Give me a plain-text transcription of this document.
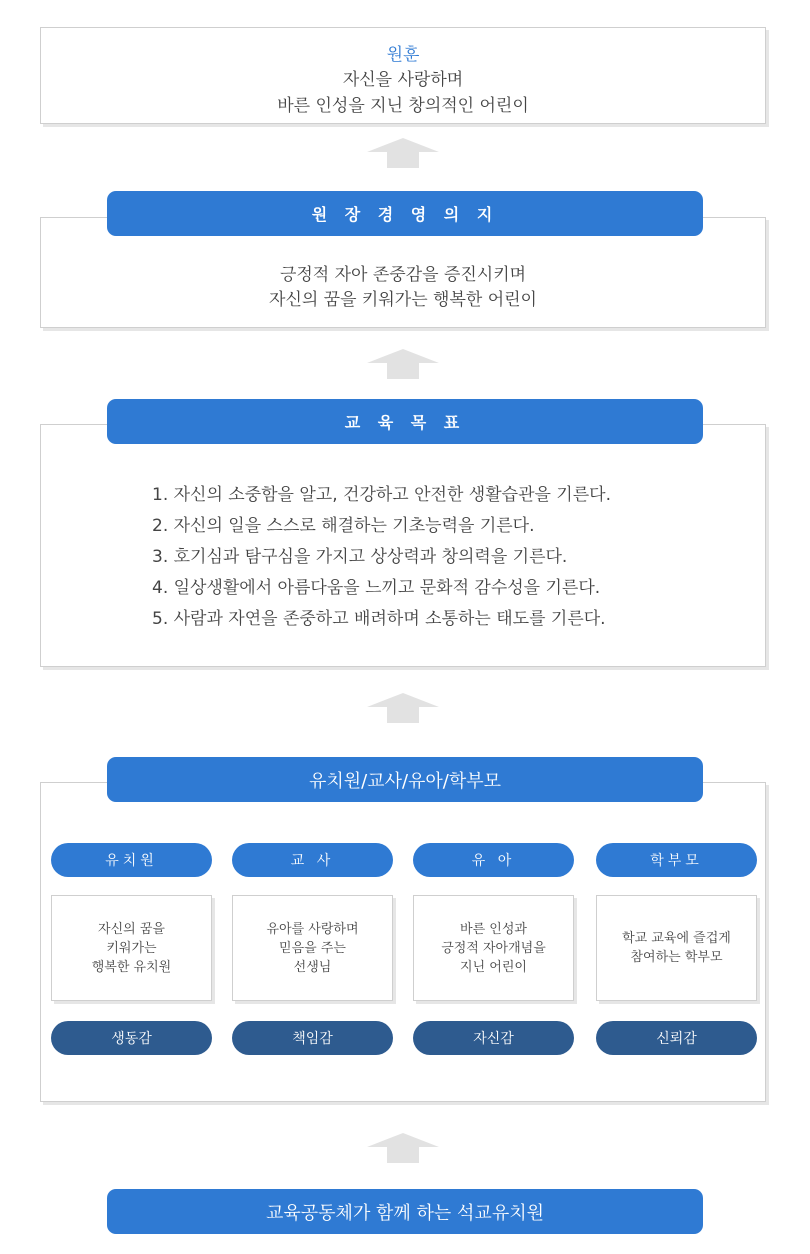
원훈
자신을 사랑하며
바른 인성을 지닌 창의적인 어린이
긍정적 자아 존중감을 증진시키며
자신의 꿈을 키워가는 행복한 어린이
원 장 경 영 의 지
1. 자신의 소중함을 알고, 건강하고 안전한 생활습관을 기른다.
2. 자신의 일을 스스로 해결하는 기초능력을 기른다.
3. 호기심과 탐구심을 가지고 상상력과 창의력을 기른다.
4. 일상생활에서 아름다움을 느끼고 문화적 감수성을 기른다.
5. 사람과 자연을 존중하고 배려하며 소통하는 태도를 기른다.
교 육 목 표
유치원/교사/유아/학부모
유치원
자신의 꿈을
키워가는
행복한 유치원
생동감
교 사
유아를 사랑하며
믿음을 주는
선생님
책임감
유 아
바른 인성과
긍정적 자아개념을
지닌 어린이
자신감
학부모
학교 교육에 즐겁게
참여하는 학부모
신뢰감
교육공동체가 함께 하는 석교유치원
